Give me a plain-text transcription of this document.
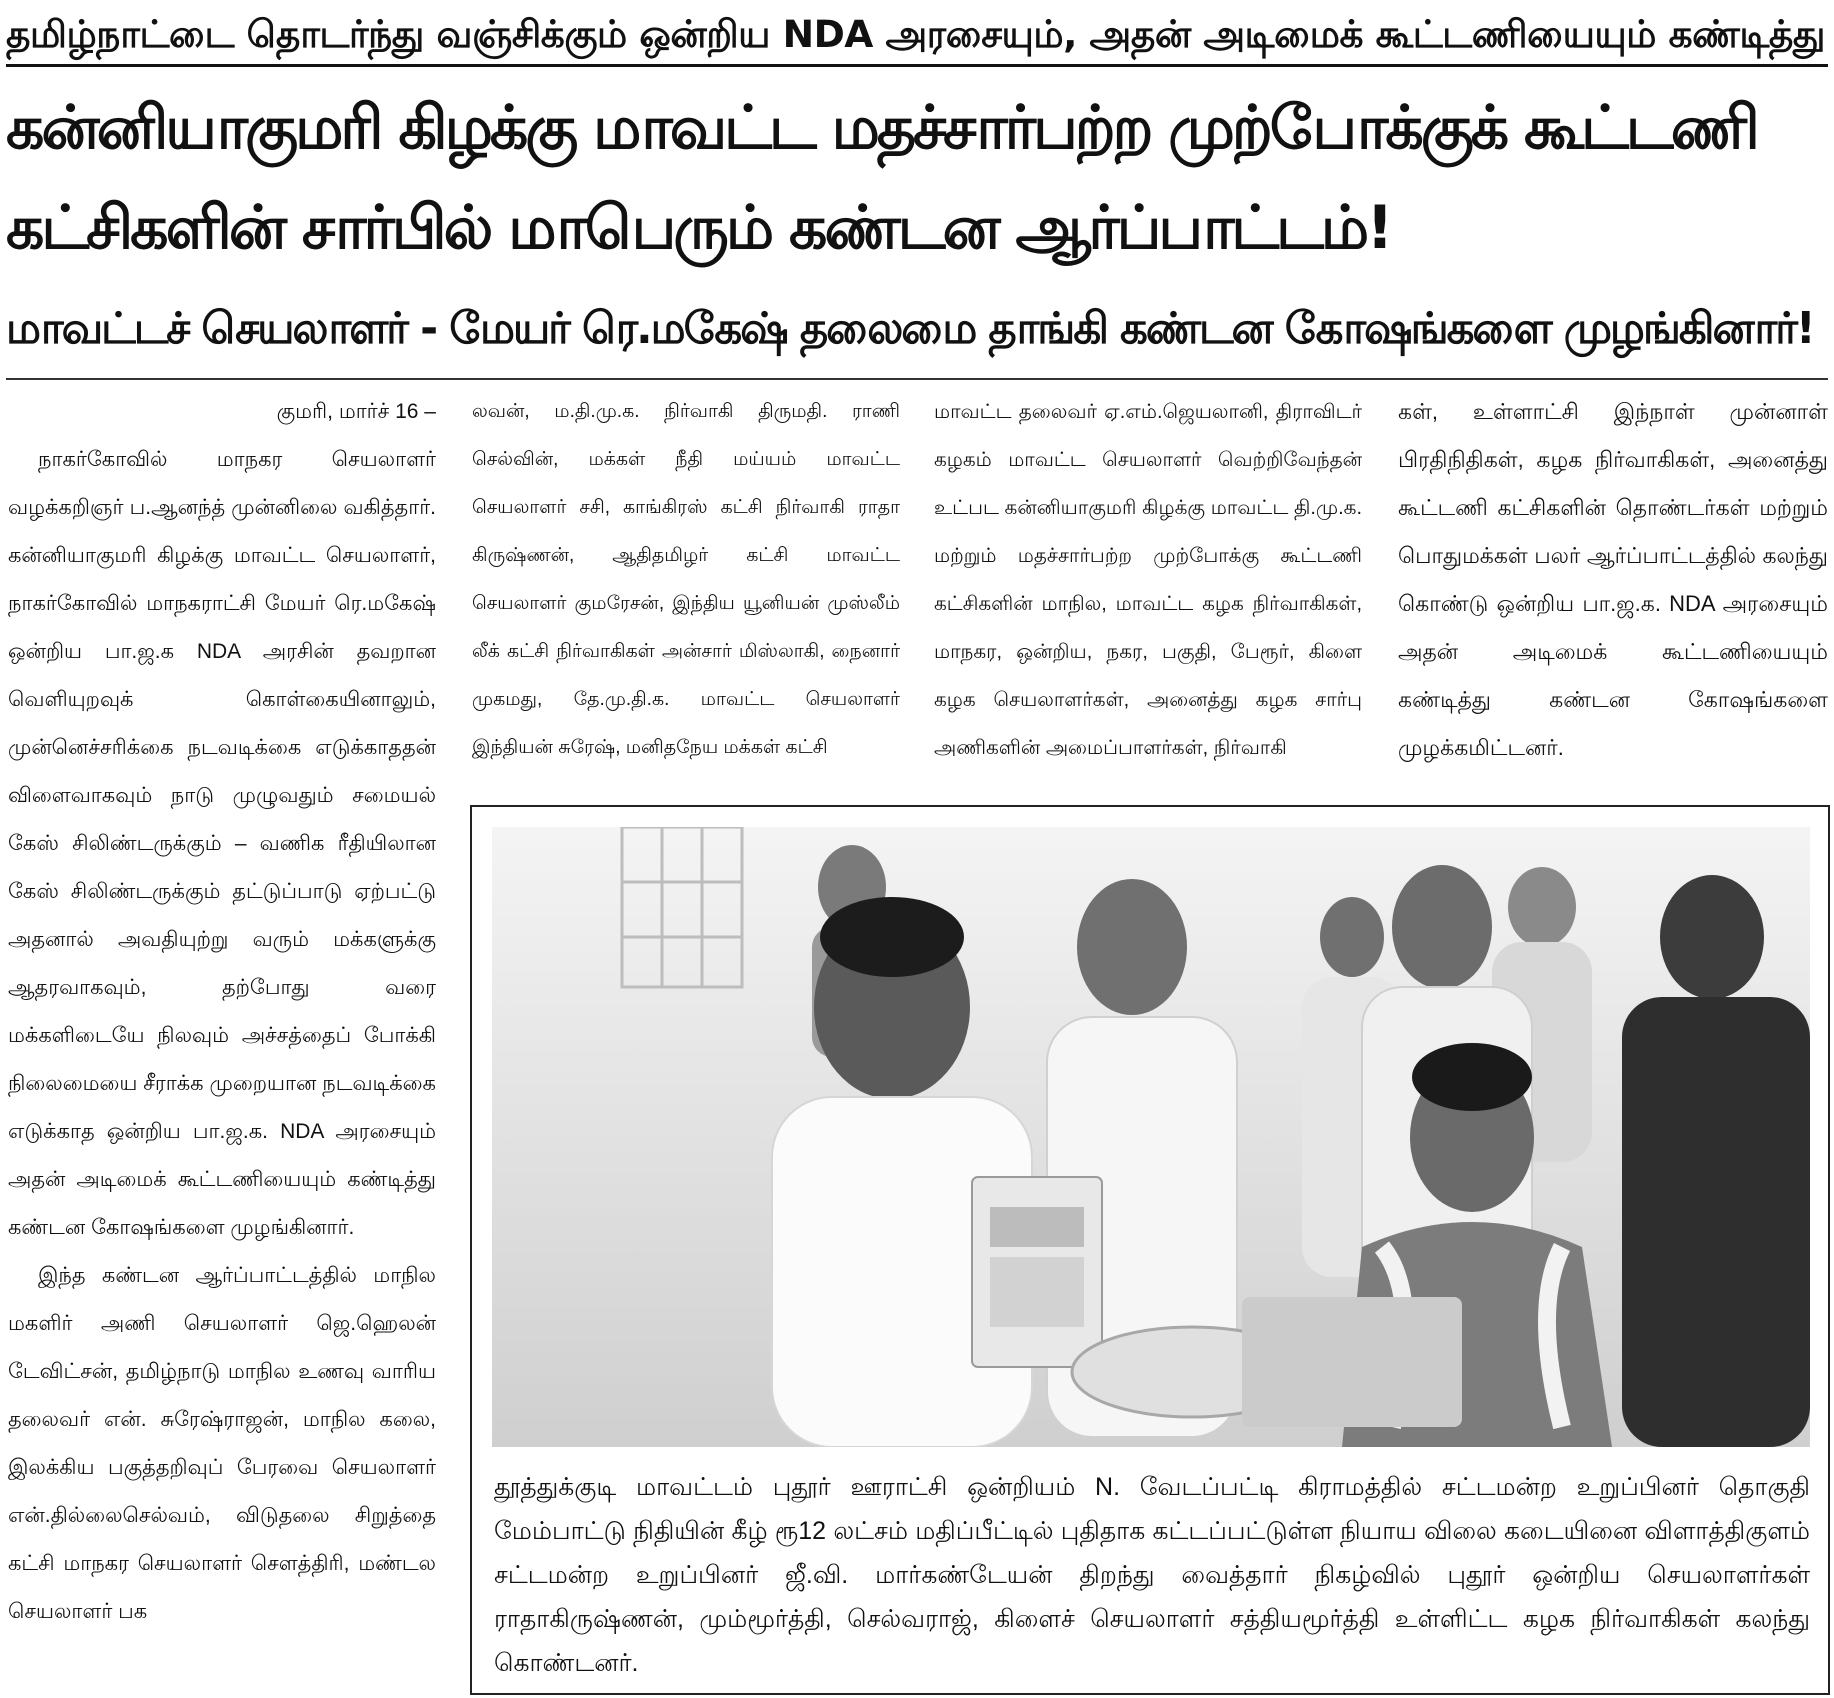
தமிழ்நாட்டை தொடர்ந்து வஞ்சிக்கும் ஒன்றிய NDA அரசையும், அதன் அடிமைக் கூட்டணியையும் கண்டித்து
கன்னியாகுமரி கிழக்கு மாவட்ட மதச்சார்பற்ற முற்போக்குக் கூட்டணி கட்சிகளின் சார்பில் மாபெரும் கண்டன ஆர்ப்பாட்டம்!
மாவட்டச் செயலாளர் - மேயர் ரெ.மகேஷ் தலைமை தாங்கி கண்டன கோஷங்களை முழங்கினார்!

குமரி, மார்ச் 16 –

நாகர்கோவில் மாநகர செயலாளர் வழக்கறிஞர் ப.ஆனந்த் முன்னிலை வகித்தார். கன்னியாகுமரி கிழக்கு மாவட்ட செயலாளர், நாகர்கோவில் மாநகராட்சி மேயர் ரெ.மகேஷ் ஒன்றிய பா.ஜ.க NDA அரசின் தவறான வெளியுறவுக் கொள்கையினாலும், முன்னெச்சரிக்கை நடவடிக்கை எடுக்காததன் விளைவாகவும் நாடு முழுவதும் சமையல் கேஸ் சிலிண்டருக்கும் – வணிக ரீதியிலான கேஸ் சிலிண்டருக்கும் தட்டுப்பாடு ஏற்பட்டு அதனால் அவதியுற்று வரும் மக்களுக்கு ஆதரவாகவும், தற்போது வரை மக்களிடையே நிலவும் அச்சத்தைப் போக்கி நிலைமையை சீராக்க முறையான நடவடிக்கை எடுக்காத ஒன்றிய பா.ஜ.க. NDA அரசையும் அதன் அடிமைக் கூட்டணியையும் கண்டித்து கண்டன கோஷங்களை முழங்கினார்.

இந்த கண்டன ஆர்ப்பாட்டத்தில் மாநில மகளிர் அணி செயலாளர் ஜெ.ஹெலன் டேவிட்சன், தமிழ்நாடு மாநில உணவு வாரிய தலைவர் என். சுரேஷ்ராஜன், மாநில கலை, இலக்கிய பகுத்தறிவுப் பேரவை செயலாளர் என்.தில்லைசெல்வம், விடுதலை சிறுத்தை கட்சி மாநகர செயலாளர் சௌத்திரி, மண்டல செயலாளர் பக

லவன், ம.தி.மு.க. நிர்வாகி திருமதி. ராணி செல்வின், மக்கள் நீதி மய்யம் மாவட்ட செயலாளர் சசி, காங்கிரஸ் கட்சி நிர்வாகி ராதா கிருஷ்ணன், ஆதிதமிழர் கட்சி மாவட்ட செயலாளர் குமரேசன், இந்திய யூனியன் முஸ்லீம் லீக் கட்சி நிர்வாகிகள் அன்சார் மிஸ்லாகி, நைனார் முகமது, தே.மு.தி.க. மாவட்ட செயலாளர் இந்தியன் சுரேஷ், மனிதநேய மக்கள் கட்சி

மாவட்ட தலைவர் ஏ.எம்.ஜெயலானி, திராவிடர் கழகம் மாவட்ட செயலாளர் வெற்றிவேந்தன் உட்பட கன்னியாகுமரி கிழக்கு மாவட்ட தி.மு.க. மற்றும் மதச்சார்பற்ற முற்போக்கு கூட்டணி கட்சிகளின் மாநில, மாவட்ட கழக நிர்வாகிகள், மாநகர, ஒன்றிய, நகர, பகுதி, பேரூர், கிளை கழக செயலாளர்கள், அனைத்து கழக சார்பு அணிகளின் அமைப்பாளர்கள், நிர்வாகி

கள், உள்ளாட்சி இந்நாள் முன்னாள் பிரதிநிதிகள், கழக நிர்வாகிகள், அனைத்து கூட்டணி கட்சிகளின் தொண்டர்கள் மற்றும் பொதுமக்கள் பலர் ஆர்ப்பாட்டத்தில் கலந்து கொண்டு ஒன்றிய பா.ஜ.க. NDA அரசையும் அதன் அடிமைக் கூட்டணியையும் கண்டித்து கண்டன கோஷங்களை முழக்கமிட்டனர்.

தூத்துக்குடி மாவட்டம் புதூர் ஊராட்சி ஒன்றியம் N. வேடப்பட்டி கிராமத்தில் சட்டமன்ற உறுப்பினர் தொகுதி மேம்பாட்டு நிதியின் கீழ் ரூ12 லட்சம் மதிப்பீட்டில் புதிதாக கட்டப்பட்டுள்ள நியாய விலை கடையினை விளாத்திகுளம் சட்டமன்ற உறுப்பினர் ஜீ.வி. மார்கண்டேயன் திறந்து வைத்தார் நிகழ்வில் புதூர் ஒன்றிய செயலாளர்கள் ராதாகிருஷ்ணன், மும்மூர்த்தி, செல்வராஜ், கிளைச் செயலாளர் சத்தியமூர்த்தி உள்ளிட்ட கழக நிர்வாகிகள் கலந்து கொண்டனர்.
